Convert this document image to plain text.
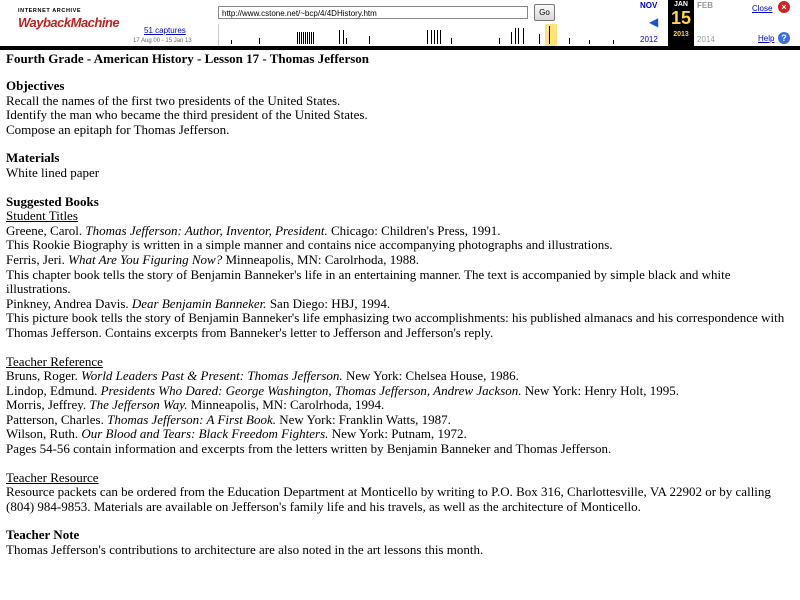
INTERNET ARCHIVE
WaybackMachine
http://www.cstone.net/~bcp/4/4DHistory.htm	Go
51 captures
17 Aug 00 - 15 Jan 13
NOV
◀
JAN
15
2013
FEB
2012	2014
Close ×
Help ?
Fourth Grade - American History - Lesson 17 - Thomas Jefferson
Objectives
Recall the names of the first two presidents of the United States.
Identify the man who became the third president of the United States.
Compose an epitaph for Thomas Jefferson.
Materials
White lined paper
Suggested Books
Student Titles
Greene, Carol. Thomas Jefferson: Author, Inventor, President. Chicago: Children's Press, 1991.
This Rookie Biography is written in a simple manner and contains nice accompanying photographs and illustrations.
Ferris, Jeri. What Are You Figuring Now? Minneapolis, MN: Carolrhoda, 1988.
This chapter book tells the story of Benjamin Banneker's life in an entertaining manner. The text is accompanied by simple black and white illustrations.
Pinkney, Andrea Davis. Dear Benjamin Banneker. San Diego: HBJ, 1994.
This picture book tells the story of Benjamin Banneker's life emphasizing two accomplishments: his published almanacs and his correspondence with Thomas Jefferson. Contains excerpts from Banneker's letter to Jefferson and Jefferson's reply.
Teacher Reference
Bruns, Roger. World Leaders Past & Present: Thomas Jefferson. New York: Chelsea House, 1986.
Lindop, Edmund. Presidents Who Dared: George Washington, Thomas Jefferson, Andrew Jackson. New York: Henry Holt, 1995.
Morris, Jeffrey. The Jefferson Way. Minneapolis, MN: Carolrhoda, 1994.
Patterson, Charles. Thomas Jefferson: A First Book. New York: Franklin Watts, 1987.
Wilson, Ruth. Our Blood and Tears: Black Freedom Fighters. New York: Putnam, 1972.
Pages 54-56 contain information and excerpts from the letters written by Benjamin Banneker and Thomas Jefferson.
Teacher Resource
Resource packets can be ordered from the Education Department at Monticello by writing to P.O. Box 316, Charlottesville, VA 22902 or by calling (804) 984-9853. Materials are available on Jefferson's family life and his travels, as well as the architecture of Monticello.
Teacher Note
Thomas Jefferson's contributions to architecture are also noted in the art lessons this month.
